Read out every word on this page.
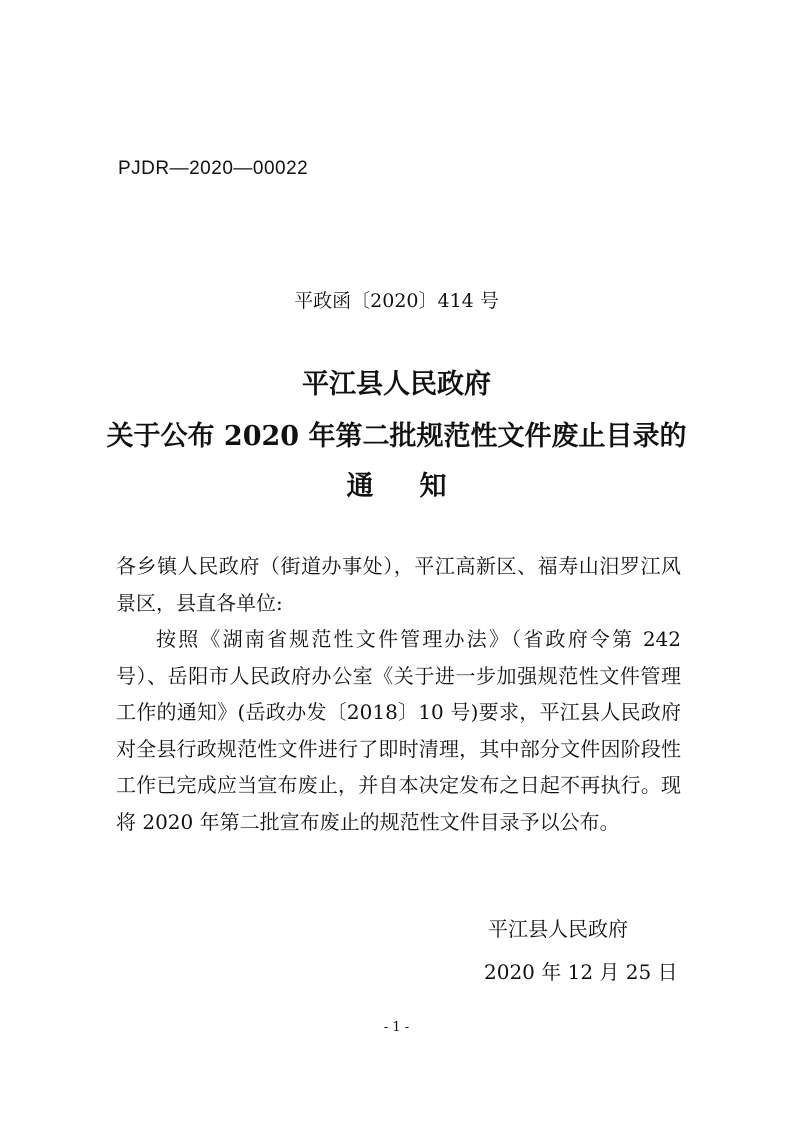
PJDR—2020—00022
平政函〔2020〕414 号
平江县人民政府
关于公布 2020 年第二批规范性文件废止目录的
通知

各乡镇人民政府（街道办事处），平江高新区、福寿山汨罗江风景区，县直各单位:

按照《湖南省规范性文件管理办法》（省政府令第 242 号）、岳阳市人民政府办公室《关于进一步加强规范性文件管理工作的通知》(岳政办发〔2018〕10 号)要求，平江县人民政府对全县行政规范性文件进行了即时清理，其中部分文件因阶段性工作已完成应当宣布废止，并自本决定发布之日起不再执行。现将 2020 年第二批宣布废止的规范性文件目录予以公布。

平江县人民政府
2020 年 12 月 25 日
- 1 -
